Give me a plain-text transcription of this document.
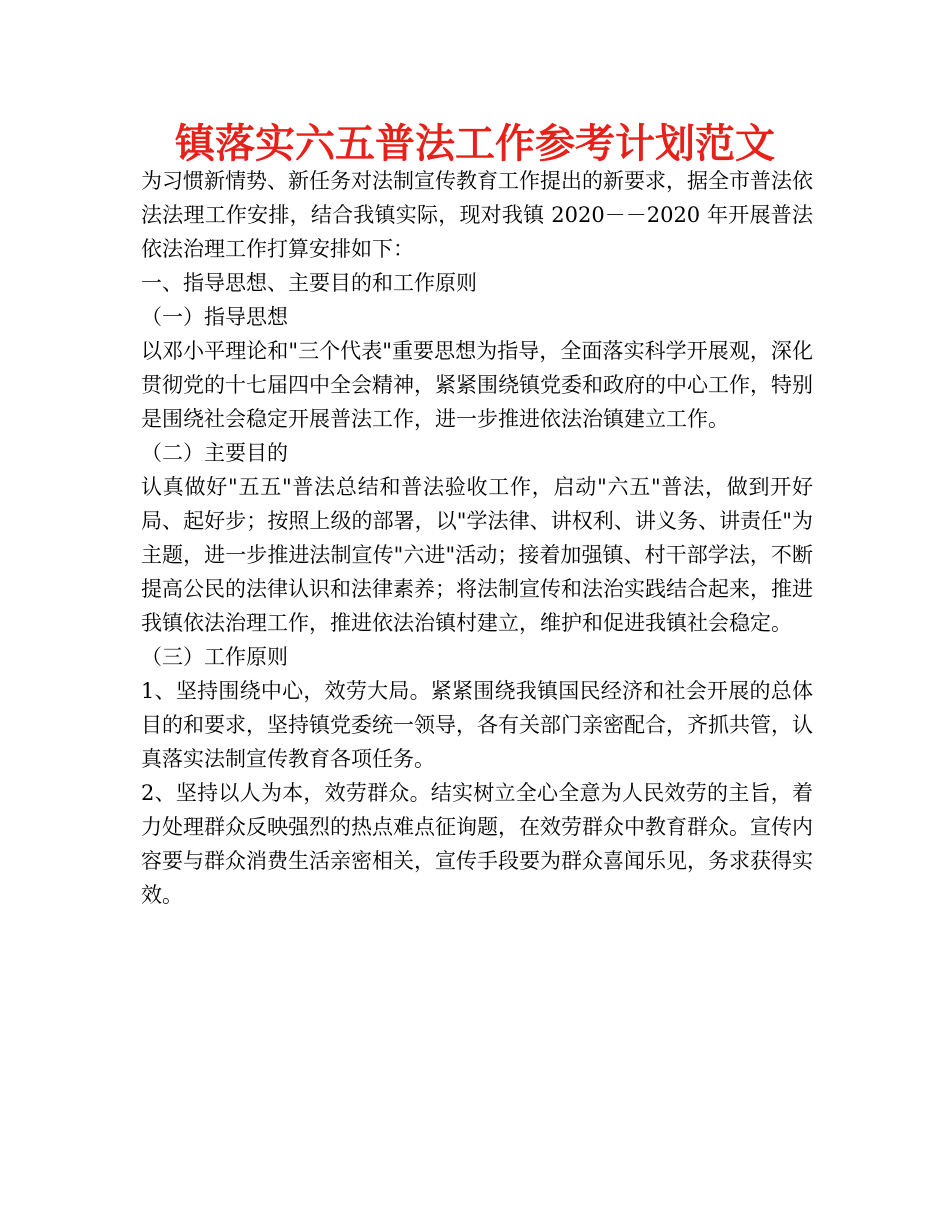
镇落实六五普法工作参考计划范文

为习惯新情势、新任务对法制宣传教育工作提出的新要求，据全市普法依法法理工作安排，结合我镇实际，现对我镇 2020－－2020 年开展普法依法治理工作打算安排如下：

一、指导思想、主要目的和工作原则

（一）指导思想

以邓小平理论和"三个代表"重要思想为指导，全面落实科学开展观，深化贯彻党的十七届四中全会精神，紧紧围绕镇党委和政府的中心工作，特别是围绕社会稳定开展普法工作，进一步推进依法治镇建立工作。

（二）主要目的

认真做好"五五"普法总结和普法验收工作，启动"六五"普法，做到开好局、起好步；按照上级的部署，以"学法律、讲权利、讲义务、讲责任"为主题，进一步推进法制宣传"六进"活动；接着加强镇、村干部学法，不断提高公民的法律认识和法律素养；将法制宣传和法治实践结合起来，推进我镇依法治理工作，推进依法治镇村建立，维护和促进我镇社会稳定。

（三）工作原则

1、坚持围绕中心，效劳大局。紧紧围绕我镇国民经济和社会开展的总体目的和要求，坚持镇党委统一领导，各有关部门亲密配合，齐抓共管，认真落实法制宣传教育各项任务。

2、坚持以人为本，效劳群众。结实树立全心全意为人民效劳的主旨，着力处理群众反映强烈的热点难点征询题，在效劳群众中教育群众。宣传内容要与群众消费生活亲密相关，宣传手段要为群众喜闻乐见，务求获得实效。
